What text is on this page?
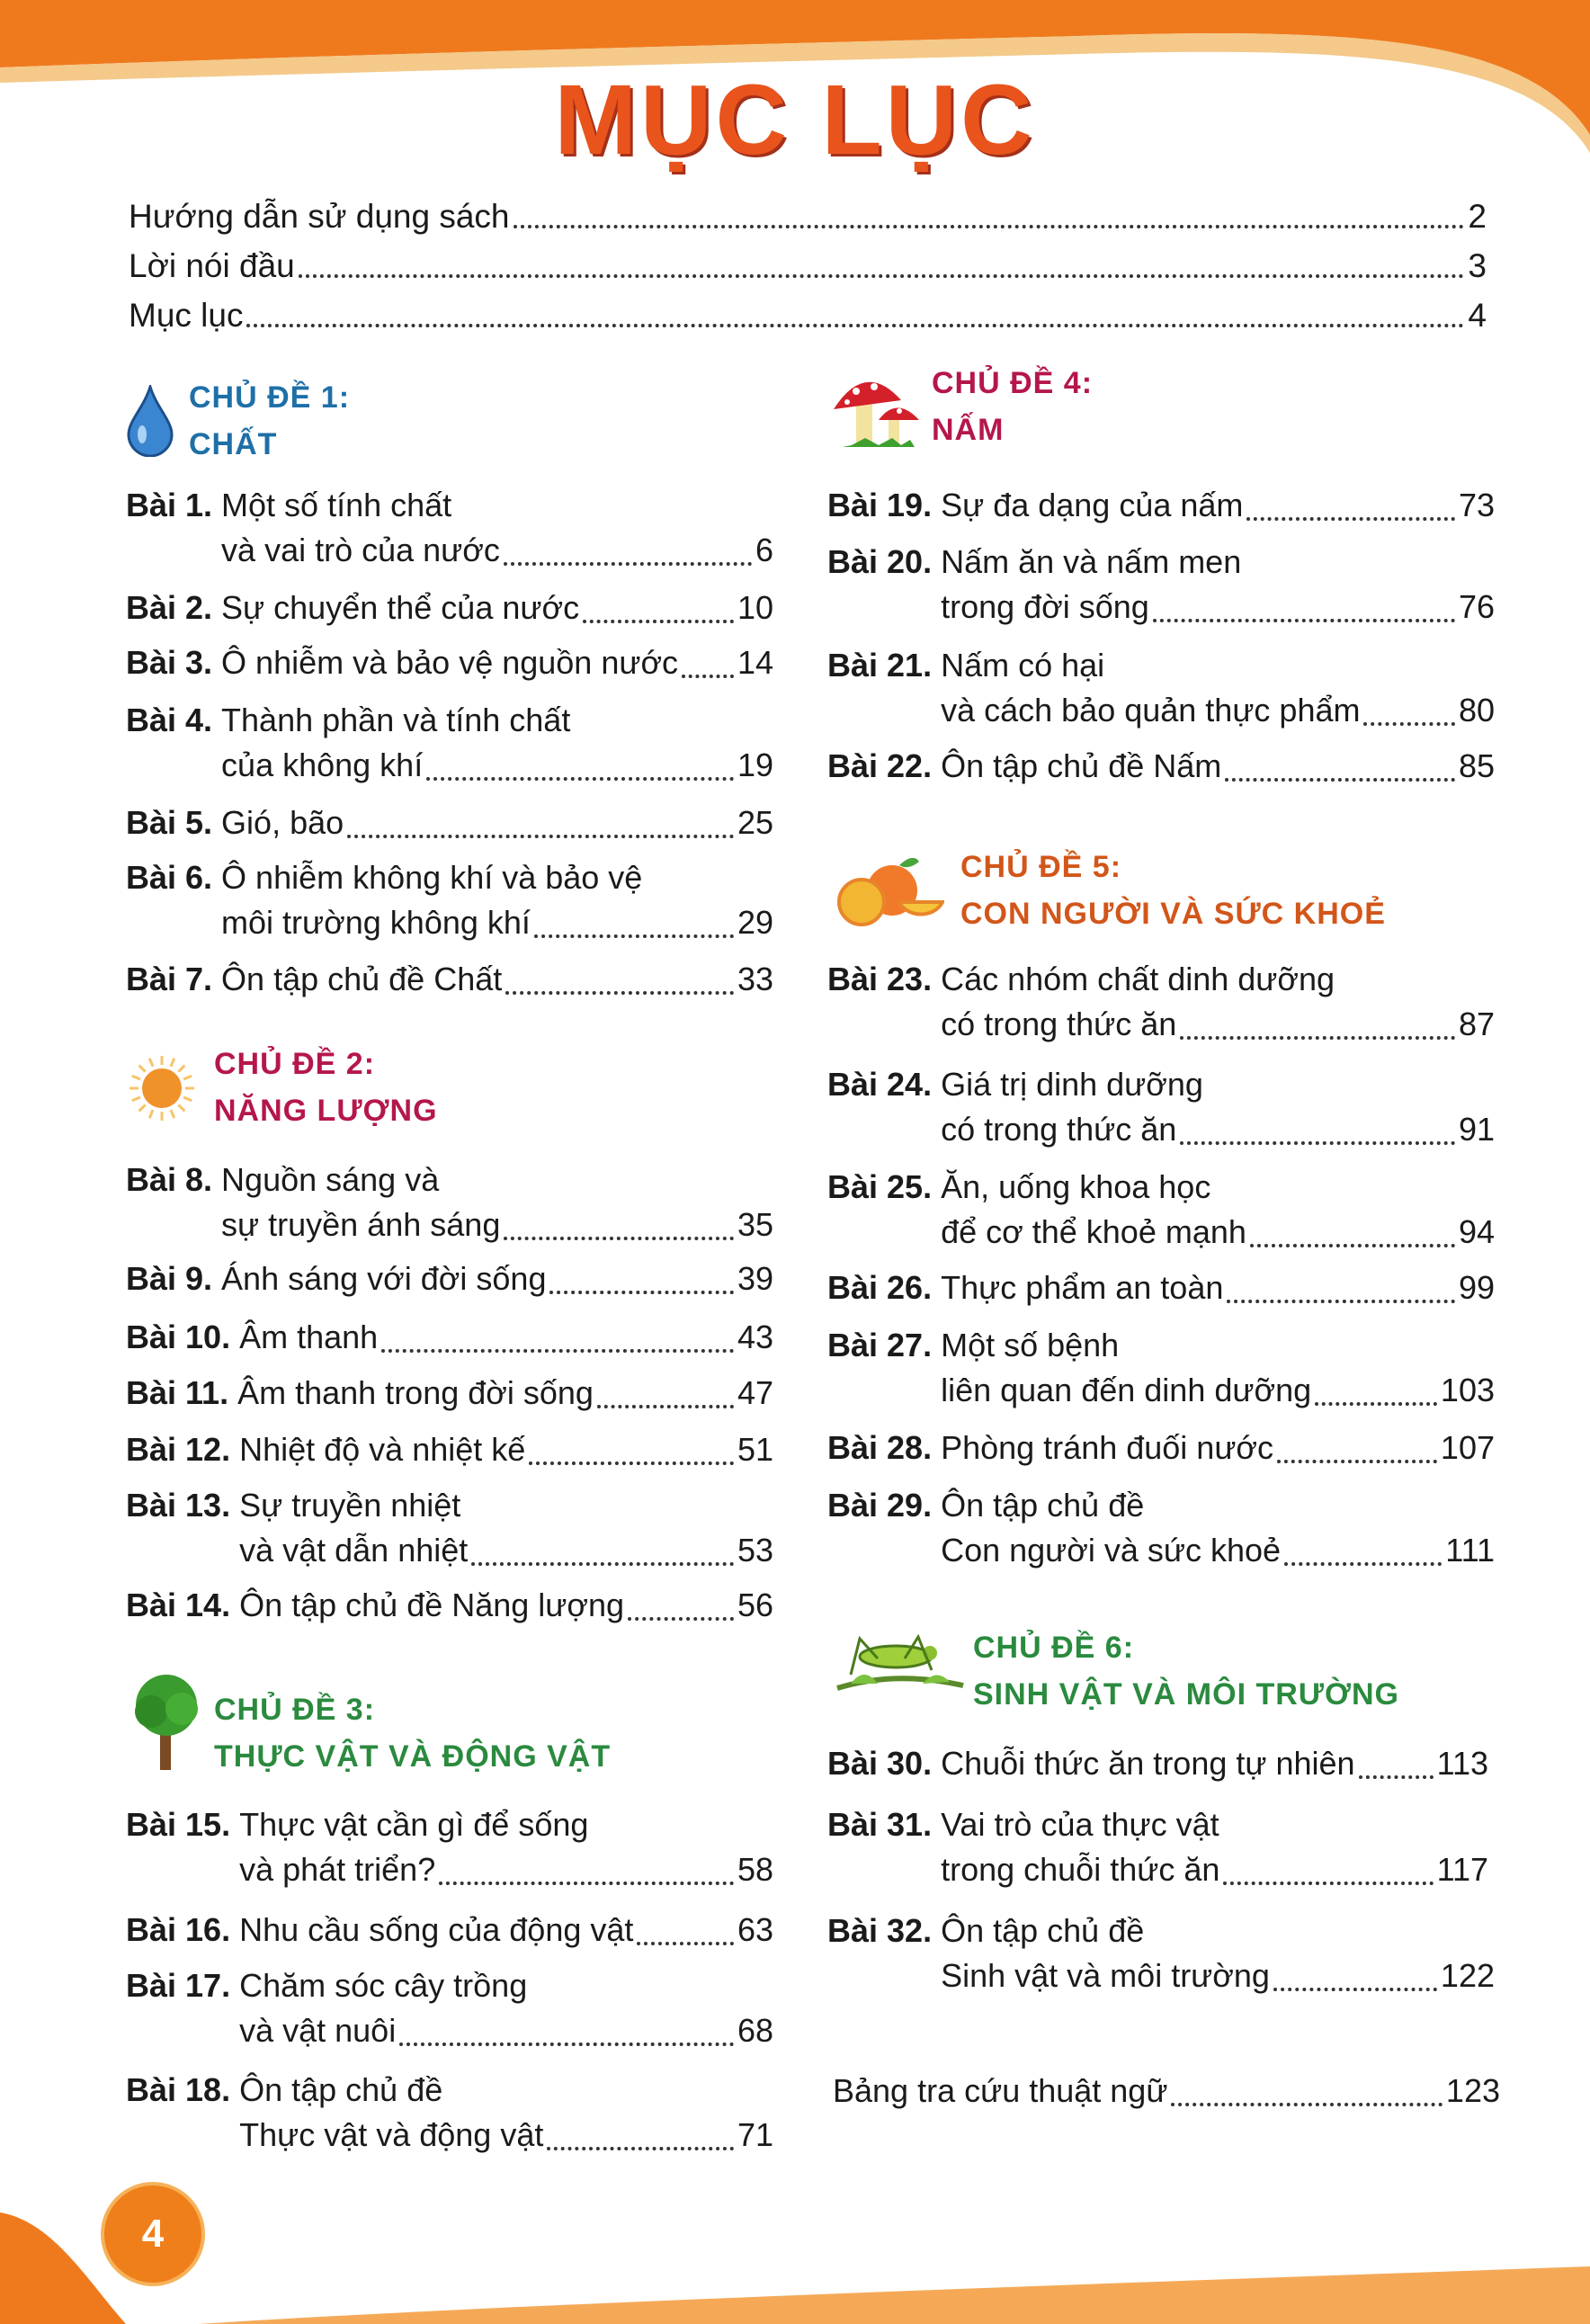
MỤC LỤC
Hướng dẫn sử dụng sách	2
Lời nói đầu	3
Mục lục	4
CHỦ ĐỀ 1:
CHẤT
CHỦ ĐỀ 2:
NĂNG LƯỢNG
CHỦ ĐỀ 3:
THỰC VẬT VÀ ĐỘNG VẬT
CHỦ ĐỀ 4:
NẤM
CHỦ ĐỀ 5:
CON NGƯỜI VÀ SỨC KHOẺ
CHỦ ĐỀ 6:
SINH VẬT VÀ MÔI TRƯỜNG
Bài 1. Một số tính chất
và vai trò của nước	6
Bài 2. Sự chuyển thể của nước	10
Bài 3. Ô nhiễm và bảo vệ nguồn nước 14
Bài 4. Thành phần và tính chất
của không khí	19
Bài 5. Gió, bão	25
Bài 6. Ô nhiễm không khí và bảo vệ
môi trường không khí	29
Bài 7. Ôn tập chủ đề Chất	33
Bài 8. Nguồn sáng và
sự truyền ánh sáng	35
Bài 9. Ánh sáng với đời sống	39
Bài 10. Âm thanh	43
Bài 11. Âm thanh trong đời sống	47
Bài 12. Nhiệt độ và nhiệt kế	51
Bài 13. Sự truyền nhiệt
và vật dẫn nhiệt	53
Bài 14. Ôn tập chủ đề Năng lượng	56
Bài 15. Thực vật cần gì để sống
và phát triển?	58
Bài 16. Nhu cầu sống của động vật	63
Bài 17. Chăm sóc cây trồng
và vật nuôi	68
Bài 18. Ôn tập chủ đề
Thực vật và động vật	71
Bài 19. Sự đa dạng của nấm	73
Bài 20. Nấm ăn và nấm men
trong đời sống	76
Bài 21. Nấm có hại
và cách bảo quản thực phẩm	80
Bài 22. Ôn tập chủ đề Nấm	85
Bài 23. Các nhóm chất dinh dưỡng
có trong thức ăn	87
Bài 24. Giá trị dinh dưỡng
có trong thức ăn	91
Bài 25. Ăn, uống khoa học
để cơ thể khoẻ mạnh	94
Bài 26. Thực phẩm an toàn	99
Bài 27. Một số bệnh
liên quan đến dinh dưỡng	103
Bài 28. Phòng tránh đuối nước	107
Bài 29. Ôn tập chủ đề
Con người và sức khoẻ	111
Bài 30. Chuỗi thức ăn trong tự nhiên	113
Bài 31. Vai trò của thực vật
trong chuỗi thức ăn	117
Bài 32. Ôn tập chủ đề
Sinh vật và môi trường	122
Bảng tra cứu thuật ngữ	123
4
